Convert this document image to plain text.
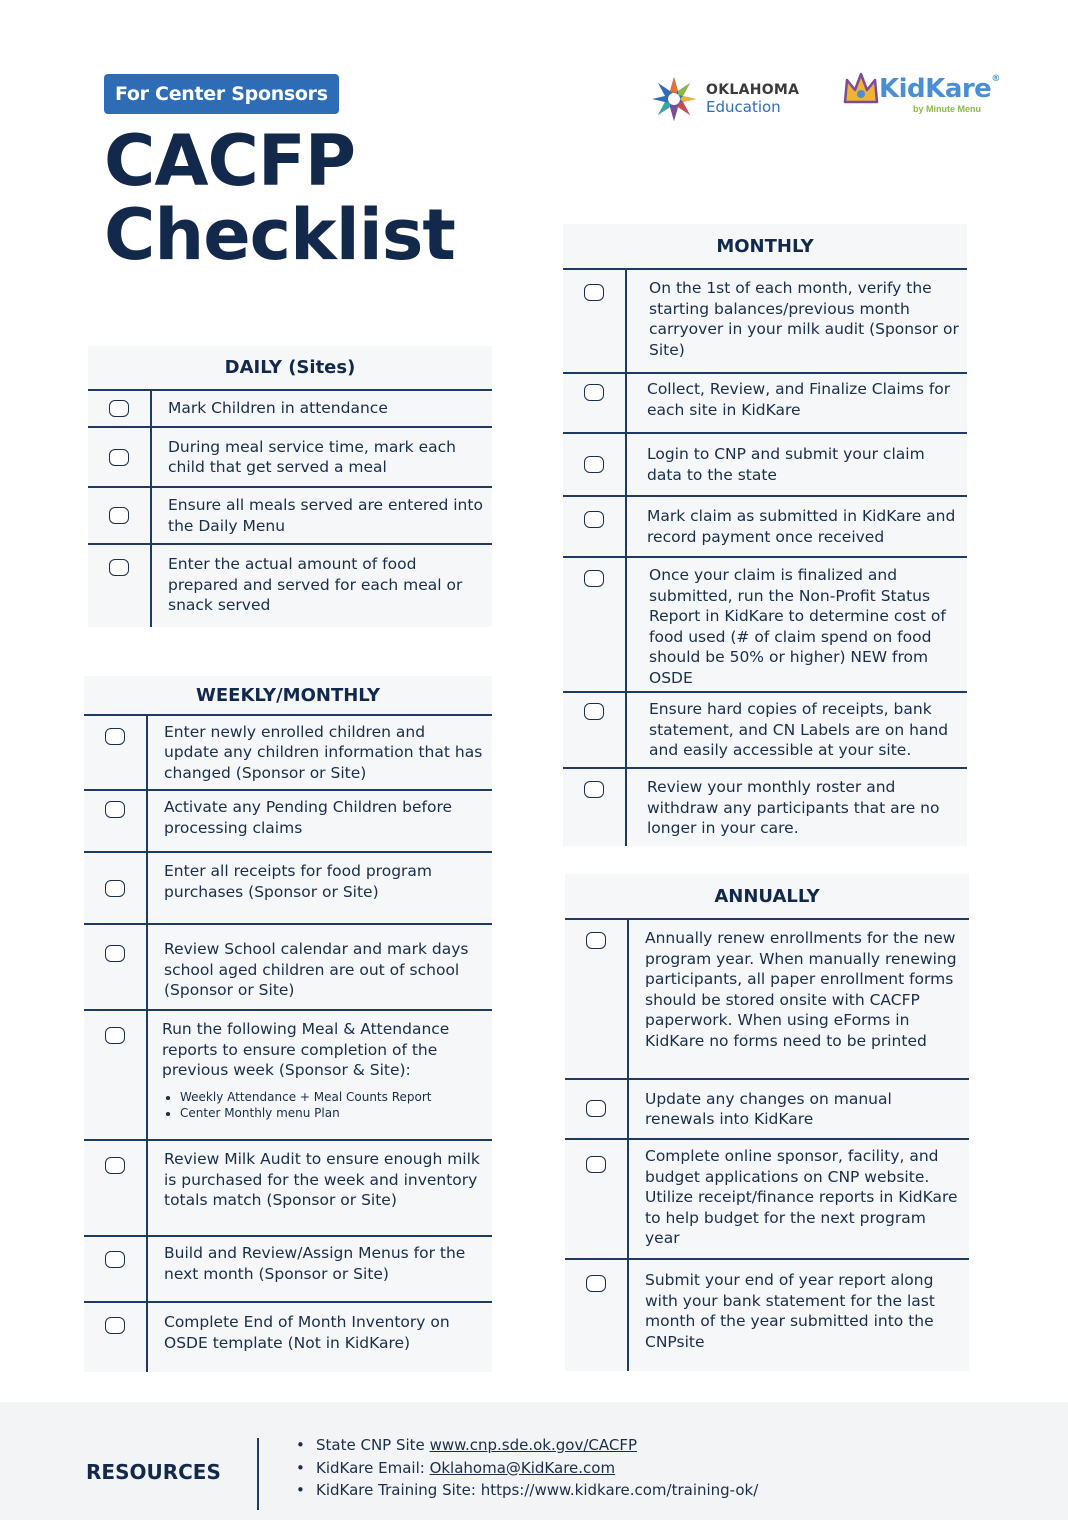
For Center Sponsors
CACFP
Checklist
OKLAHOMA
Education
KidKare®
by Minute Menu
DAILY (Sites)
Mark Children in attendance
During meal service time, mark each child that get served a meal
Ensure all meals served are entered into the Daily Menu
Enter the actual amount of food prepared and served for each meal or snack served
WEEKLY/MONTHLY
Enter newly enrolled children and update any children information that has changed (Sponsor or Site)
Activate any Pending Children before processing claims
Enter all receipts for food program purchases (Sponsor or Site)
Review School calendar and mark days school aged children are out of school (Sponsor or Site)
Run the following Meal & Attendance reports to ensure completion of the previous week (Sponsor & Site):
• Weekly Attendance + Meal Counts Report
• Center Monthly menu Plan
Review Milk Audit to ensure enough milk is purchased for the week and inventory totals match (Sponsor or Site)
Build and Review/Assign Menus for the next month (Sponsor or Site)
Complete End of Month Inventory on OSDE template (Not in KidKare)
MONTHLY
On the 1st of each month, verify the starting balances/previous month carryover in your milk audit (Sponsor or Site)
Collect, Review, and Finalize Claims for each site in KidKare
Login to CNP and submit your claim data to the state
Mark claim as submitted in KidKare and record payment once received
Once your claim is finalized and submitted, run the Non-Profit Status Report in KidKare to determine cost of food used (# of claim spend on food should be 50% or higher) NEW from OSDE
Ensure hard copies of receipts, bank statement, and CN Labels are on hand and easily accessible at your site.
Review your monthly roster and withdraw any participants that are no longer in your care.
ANNUALLY
Annually renew enrollments for the new program year. When manually renewing participants, all paper enrollment forms should be stored onsite with CACFP paperwork. When using eForms in KidKare no forms need to be printed
Update any changes on manual renewals into KidKare
Complete online sponsor, facility, and budget applications on CNP website. Utilize receipt/finance reports in KidKare to help budget for the next program year
Submit your end of year report along with your bank statement for the last month of the year submitted into the CNPsite
RESOURCES
• State CNP Site www.cnp.sde.ok.gov/CACFP
• KidKare Email: Oklahoma@KidKare.com
• KidKare Training Site: https://www.kidkare.com/training-ok/
